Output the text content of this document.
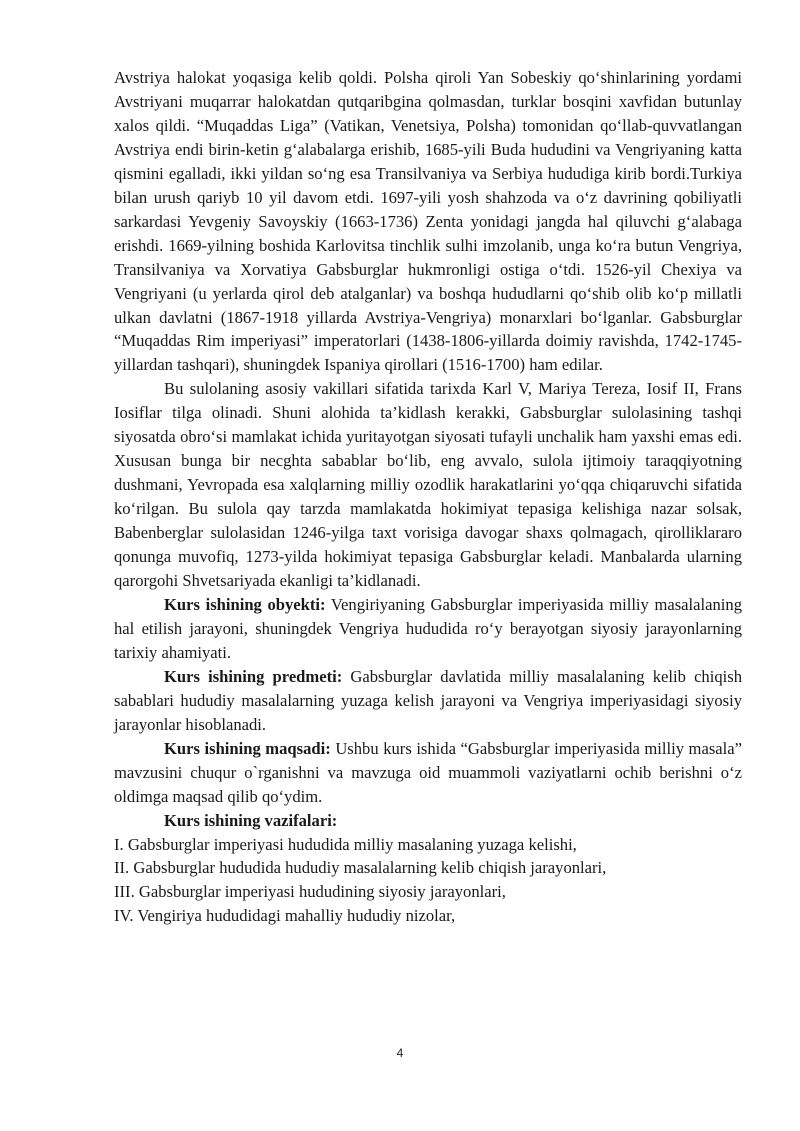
Avstriya halokat yoqasiga kelib qoldi. Polsha qiroli Yan Sobeskiy qo‘shinlarining yordami Avstriyani muqarrar halokatdan qutqaribgina qolmasdan, turklar bosqini xavfidan butunlay xalos qildi. “Muqaddas Liga” (Vatikan, Venetsiya, Polsha) tomonidan qo‘llab-quvvatlangan Avstriya endi birin-ketin g‘alabalarga erishib, 1685-yili Buda hududini va Vengriyaning katta qismini egalladi, ikki yildan so‘ng esa Transilvaniya va Serbiya hududiga kirib bordi.Turkiya bilan urush qariyb 10 yil davom etdi. 1697-yili yosh shahzoda va o‘z davrining qobiliyatli sarkardasi Yevgeniy Savoyskiy (1663-1736) Zenta yonidagi jangda hal qiluvchi g‘alabaga erishdi. 1669-yilning boshida Karlovitsa tinchlik sulhi imzolanib, unga ko‘ra butun Vengriya, Transilvaniya va Xorvatiya Gabsburglar hukmronligi ostiga o‘tdi. 1526-yil Chexiya va Vengriyani (u yerlarda qirol deb atalganlar) va boshqa hududlarni qo‘shib olib ko‘p millatli ulkan davlatni (1867-1918 yillarda Avstriya-Vengriya) monarxlari bo‘lganlar. Gabsburglar “Muqaddas Rim imperiyasi” imperatorlari (1438-1806-yillarda doimiy ravishda, 1742-1745-yillardan tashqari), shuningdek Ispaniya qirollari (1516-1700) ham edilar.

Bu sulolaning asosiy vakillari sifatida tarixda Karl V, Mariya Tereza, Iosif II, Frans Iosiflar tilga olinadi. Shuni alohida ta’kidlash kerakki, Gabsburglar sulolasining tashqi siyosatda obro‘si mamlakat ichida yuritayotgan siyosati tufayli unchalik ham yaxshi emas edi. Xususan bunga bir necghta sabablar bo‘lib, eng avvalo, sulola ijtimoiy taraqqiyotning dushmani, Yevropada esa xalqlarning milliy ozodlik harakatlarini yo‘qqa chiqaruvchi sifatida ko‘rilgan. Bu sulola qay tarzda mamlakatda hokimiyat tepasiga kelishiga nazar solsak, Babenberglar sulolasidan 1246-yilga taxt vorisiga davogar shaxs qolmagach, qirolliklararo qonunga muvofiq, 1273-yilda hokimiyat tepasiga Gabsburglar keladi. Manbalarda ularning qarorgohi Shvetsariyada ekanligi ta’kidlanadi.

Kurs ishining obyekti: Vengiriyaning Gabsburglar imperiyasida milliy masalalaning hal etilish jarayoni, shuningdek Vengriya hududida ro‘y berayotgan siyosiy jarayonlarning tarixiy ahamiyati.

Kurs ishining predmeti: Gabsburglar davlatida milliy masalalaning kelib chiqish sabablari hududiy masalalarning yuzaga kelish jarayoni va Vengriya imperiyasidagi siyosiy jarayonlar hisoblanadi.

Kurs ishining maqsadi: Ushbu kurs ishida “Gabsburglar imperiyasida milliy masala” mavzusini chuqur o`rganishni va mavzuga oid muammoli vaziyatlarni ochib berishni o‘z oldimga maqsad qilib qo‘ydim.

Kurs ishining vazifalari:

I. Gabsburglar imperiyasi hududida milliy masalaning yuzaga kelishi,
II. Gabsburglar hududida hududiy masalalarning kelib chiqish jarayonlari,
III. Gabsburglar imperiyasi hududining siyosiy jarayonlari,
IV. Vengiriya hududidagi mahalliy hududiy nizolar,
4
